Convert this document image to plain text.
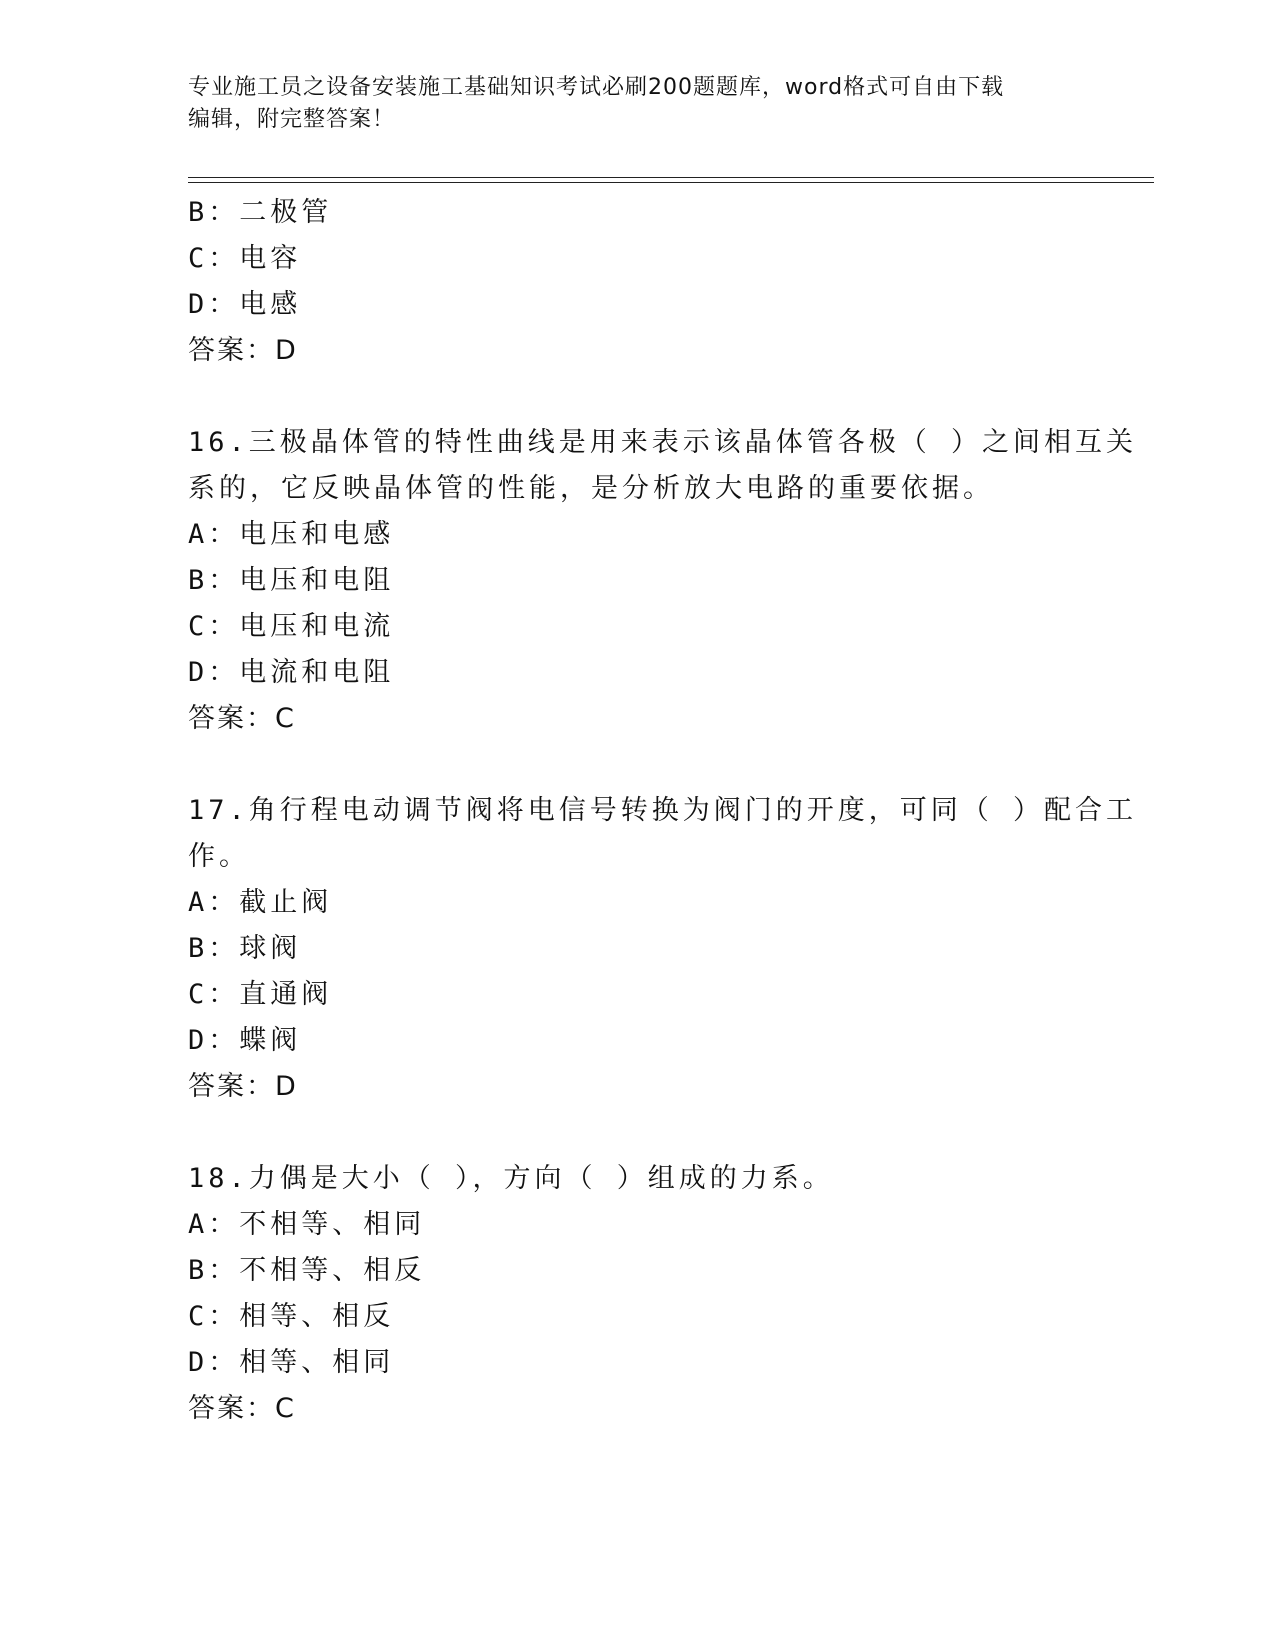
专业施工员之设备安装施工基础知识考试必刷200题题库，word格式可自由下载
编辑，附完整答案！
B：二极管
C：电容
D：电感
答案：D
16.三极晶体管的特性曲线是用来表示该晶体管各极（ ）之间相互关
系的，它反映晶体管的性能，是分析放大电路的重要依据。
A：电压和电感
B：电压和电阻
C：电压和电流
D：电流和电阻
答案：C
17.角行程电动调节阀将电信号转换为阀门的开度，可同（ ）配合工
作。
A：截止阀
B：球阀
C：直通阀
D：蝶阀
答案：D
18.力偶是大小（ ），方向（ ）组成的力系。
A：不相等、相同
B：不相等、相反
C：相等、相反
D：相等、相同
答案：C
